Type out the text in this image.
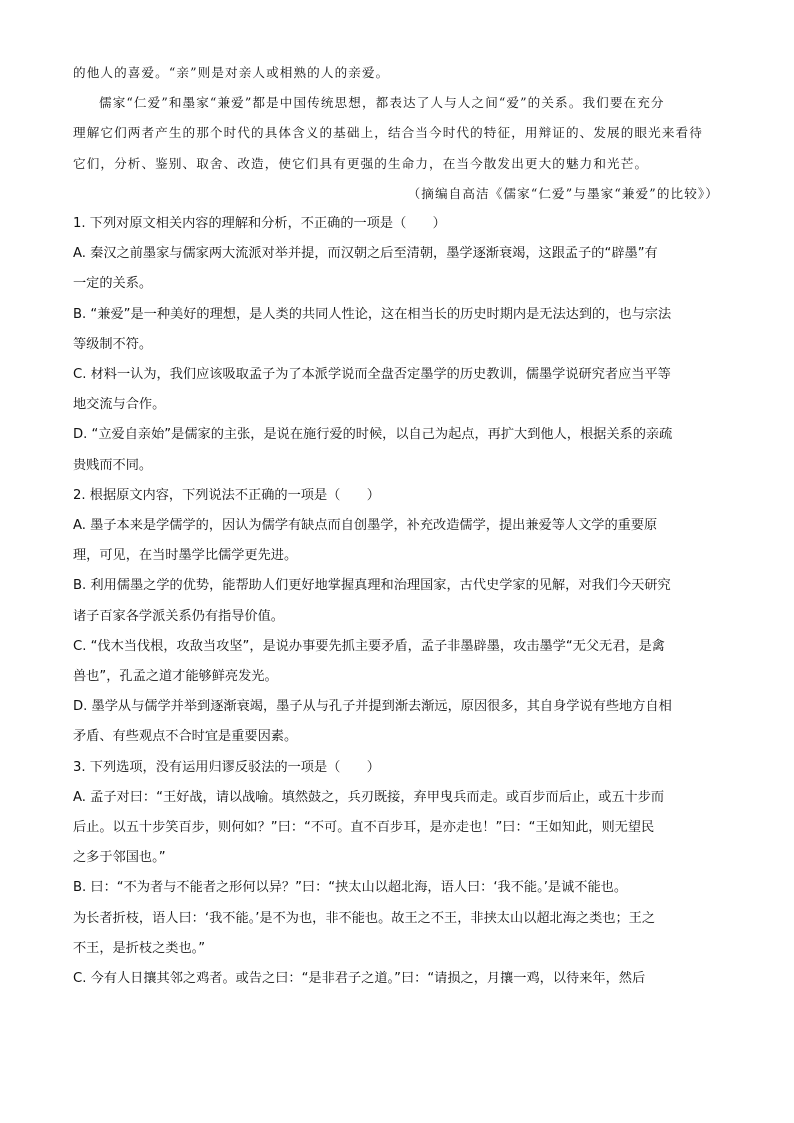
的他人的喜爱。“亲”则是对亲人或相熟的人的亲爱。
儒家“仁爱”和墨家“兼爱”都是中国传统思想，都表达了人与人之间“爱”的关系。我们要在充分
理解它们两者产生的那个时代的具体含义的基础上，结合当今时代的特征，用辩证的、发展的眼光来看待
它们，分析、鉴别、取舍、改造，使它们具有更强的生命力，在当今散发出更大的魅力和光芒。
（摘编自高洁《儒家“仁爱”与墨家“兼爱”的比较》）
1. 下列对原文相关内容的理解和分析，不正确的一项是（　　）
A. 秦汉之前墨家与儒家两大流派对举并提，而汉朝之后至清朝，墨学逐渐衰竭，这跟孟子的“辟墨”有
一定的关系。
B. “兼爱”是一种美好的理想，是人类的共同人性论，这在相当长的历史时期内是无法达到的，也与宗法
等级制不符。
C. 材料一认为，我们应该吸取孟子为了本派学说而全盘否定墨学的历史教训，儒墨学说研究者应当平等
地交流与合作。
D. “立爱自亲始”是儒家的主张，是说在施行爱的时候，以自己为起点，再扩大到他人，根据关系的亲疏
贵贱而不同。
2. 根据原文内容，下列说法不正确的一项是（　　）
A. 墨子本来是学儒学的，因认为儒学有缺点而自创墨学，补充改造儒学，提出兼爱等人文学的重要原
理，可见，在当时墨学比儒学更先进。
B. 利用儒墨之学的优势，能帮助人们更好地掌握真理和治理国家，古代史学家的见解，对我们今天研究
诸子百家各学派关系仍有指导价值。
C. “伐木当伐根，攻敌当攻坚”，是说办事要先抓主要矛盾，孟子非墨辟墨，攻击墨学“无父无君，是禽
兽也”，孔孟之道才能够鲜亮发光。
D. 墨学从与儒学并举到逐渐衰竭，墨子从与孔子并提到渐去渐远，原因很多，其自身学说有些地方自相
矛盾、有些观点不合时宜是重要因素。
3. 下列选项，没有运用归谬反驳法的一项是（　　）
A. 孟子对曰：“王好战，请以战喻。填然鼓之，兵刃既接，弃甲曳兵而走。或百步而后止，或五十步而
后止。以五十步笑百步，则何如？”曰：“不可。直不百步耳，是亦走也！”曰：“王如知此，则无望民
之多于邻国也。”
B. 曰：“不为者与不能者之形何以异？”曰：“挟太山以超北海，语人曰：‘我不能。’是诚不能也。
为长者折枝，语人曰：‘我不能。’是不为也，非不能也。故王之不王，非挟太山以超北海之类也；王之
不王，是折枝之类也。”
C. 今有人日攘其邻之鸡者。或告之曰：“是非君子之道。”曰：“请损之，月攘一鸡，以待来年，然后
